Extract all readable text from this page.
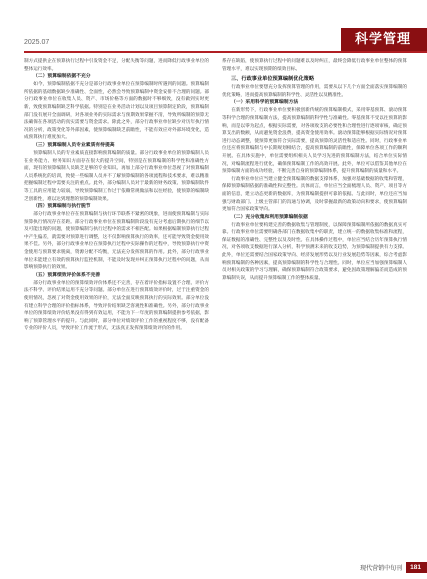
2025.07	科学管理

制方式提供企在预算执行过程中引发资金不足，分配失衡等问题，进而降低行政事业单位的整体运行效率。

（二）预算编制依据不充分

如今，预算编制依据不充分是部分行政事业单位在预算编制时所遇到的问题。预算编制所依据的基础数据缺少准确性、全面性，必然会导致预算编制中资金安排不合理的问题。部分行政事业单位在收集人员、资产、市场价格等方面的数据时不够细致，没有做到实时更新，致使预算编制缺乏科学依据。特别是在业务活动计划以及项目预算制定阶段，预算编制部门没有展开全面调研，对各项业务的实际需求与预期效果掌握不清，导致所编制的预算无法确保在各项活动的真实需要与资金需求。除此之外，部分行政事业单位缺少对历年执行情况的分析，政策变化等外部因素，使预算编制缺乏前瞻性，不能有效应对外部环境变化，造成预算执行难度加大。

（三）预算编制人员专业素质有待提高

预算编制人员的专业素质直接影响预算编制的质量。部分行政事业单位的预算编制人员在业务能力、财务知识方面存在很大的提升空间，特别是在预算编制的科学性和准确性方面，现有的预算编制人员缺乏足够的专业知识。再加上部分行政事业单位忽视了对预算编制人员系统化的培训，致使一些编制人员并不了解预算编制的各项流程和技术要求，难以精准把握编制过程中需要关注的重点。此外，部分编制人员对于最新的财务政策、预算编制软件等工具的应用能力较弱，导致预算编制工作过于依赖常规做法和以往经验，使预算的编制缺乏创新性，难以达到理想的预算编制效果。

（四）预算编制与执行脱节

部分行政事业单位存在预算编制与执行环节联系不紧密的现象，进而使预算编制与实际预算执行情况存在差距。部分行政事业单位在预算编制阶段没有充分考虑后期执行的细节以及可能出现的问题，使预算编制与执行过程中的需求不相匹配。如果根据编制预算执行过程中产生偏差，就需要对预算进行调整，这不仅影响预算执行的效率，还可能导致资金使用效果不佳。另外，部分行政事业单位在预算执行过程中实际操作的过程中，导致预算执行中资金使用与预算要求脱离，资源分配不均衡，无法充分发挥预算的作用。此外，部分行政事业单位未能建立有效的预算执行监控机制，不能及时发现并纠正预算执行过程中的问题，从而影响预算执行的效果。

（五）预算绩效评价体系不完善

部分行政事业单位的预算绩效评价体系还不完善，存在着评价指标设置不合理、评价方法不科学、评价结果运用不充分等问题。部分单位在进行预算绩效评价时，过于注重资金的使用情况，忽视了对资金使用效果的评价，无法全面反映预算执行的实际效果。部分单位没有建立科学合理的评价指标体系，导致评价结果缺乏客观性和准确性。另外，部分行政事业单位的预算绩效评价结果没有得到有效运用，不能为下一年度的预算编制提供参考依据，影响了预算管理水平的提升。与此同时，部分单位对绩效评价工作的重视程度不够，没有配备专业的评价人员，导致评价工作流于形式，无法真正发挥预算绩效评价的作用。

系存在缺陷，使预算执行过程中的问题难以及时纠正，最终会降低行政事业单位整体的预算管理水平，难以实现预期的绩效目标。

三、行政事业单位预算编制优化策略

行政事业单位要想充分发挥预算管理的作用，需要从以下几个方面全面落实预算编制的优化策略，进而提高预算编制的科学性、灵活性以及精准性。

（一）采用科学的预算编制方法

在新形势下，行政事业单位要积极创新传统的预算编制模式，采用零基预算、滚动预算等科学合理的预算编制方法，提高预算编制的科学性与准确性。零基预算不受以往预算的影响，而是以零为起点，根据实际需要，对各项收支的必要性和合理性进行逐项审核，确定预算支出的数额，从而避免资金浪费，提高资金使用效率。滚动预算能够根据实际情况对预算进行动态调整，使预算更加符合实际需要，提高预算的灵活性和适应性。同时，行政事业单位还应将预算编制与中长期规划相结合，提高预算编制的前瞻性，保障单位各项工作的顺利开展。在具体实施中，单位需要组织相关人员学习先进的预算编制方法，结合单位实际情况，对编制流程进行优化，确保预算编制工作的高效开展。此外，单位可以借鉴其他单位在预算编制方面的成功经验，不断完善自身的预算编制体系，提升预算编制的质量和水平。

行政事业单位应当建立健全预算编制的数据支撑体系，加强对基础数据的收集和管理，保障预算编制依据的准确性和完整性。具体而言，单位应当全面梳理人员、资产、项目等方面的信息，建立动态更新的数据库，为预算编制提供可靠的依据。与此同时，单位还应当加强与财政部门、上级主管部门的沟通与协调，及时掌握最新的政策动向和要求，使预算编制更加符合国家政策导向。

（二）充分收集和利用预算编制依据

行政事业单位要构建完善的数据收集与管理制度，以保障预算编制所依据的数据真实可靠。行政事业单位需要明确各部门在数据收集中的职责，建立统一的数据收集标准和流程，保证数据的准确性、完整性以及及时性。在具体操作过程中，单位应当结合历年预算执行情况，对各项收支数据进行深入分析，科学预测未来的收支趋势，为预算编制提供有力支撑。此外，单位还需要结合国家政策导向、经济发展形势以及行业发展趋势等因素，综合考虑影响预算编制的各种因素，提高预算编制的科学性与合理性。同时，单位应当加强预算编制人员对相关政策的学习与理解，确保预算编制符合政策要求，避免因政策理解偏差而造成的预算编制失误，从而提升预算编制工作的整体质量。

现代营销中旬刊	181
